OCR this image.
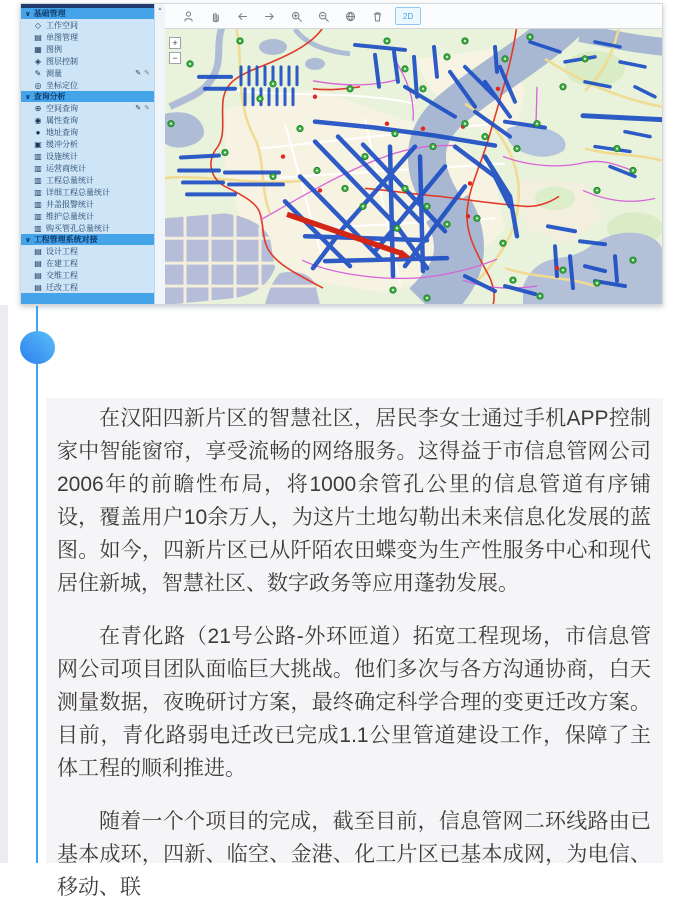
∨ 基础管理
◇ 工作空间
▤ 单图管理
▦ 图例
◈ 图层控制
✎ 测量	✎ ✎
◎ 坐标定位
∨ 查询分析
⊕ 空间查询	✎ ✎
◉ 属性查询
● 地址查询
▣ 缓冲分析
▥ 设施统计
▥ 运营商统计
▥ 工程总量统计
▥ 详细工程总量统计
▥ 井盖报警统计
▥ 维护总量统计
▥ 购买管孔总量统计
∨ 工程管理系统对接
▤ 设计工程
▤ 在建工程
▤ 交维工程
▤ 迁改工程
▲
2D
+
−

在汉阳四新片区的智慧社区，居民李女士通过手机APP控制家中智能窗帘，享受流畅的网络服务。这得益于市信息管网公司2006年的前瞻性布局，将1000余管孔公里的信息管道有序铺设，覆盖用户10余万人，为这片土地勾勒出未来信息化发展的蓝图。如今，四新片区已从阡陌农田蝶变为生产性服务中心和现代居住新城，智慧社区、数字政务等应用蓬勃发展。

在青化路（21号公路-外环匝道）拓宽工程现场，市信息管网公司项目团队面临巨大挑战。他们多次与各方沟通协商，白天测量数据，夜晚研讨方案，最终确定科学合理的变更迁改方案。目前，青化路弱电迁改已完成1.1公里管道建设工作，保障了主体工程的顺利推进。

随着一个个项目的完成，截至目前，信息管网二环线路由已基本成环，四新、临空、金港、化工片区已基本成网，为电信、移动、联
